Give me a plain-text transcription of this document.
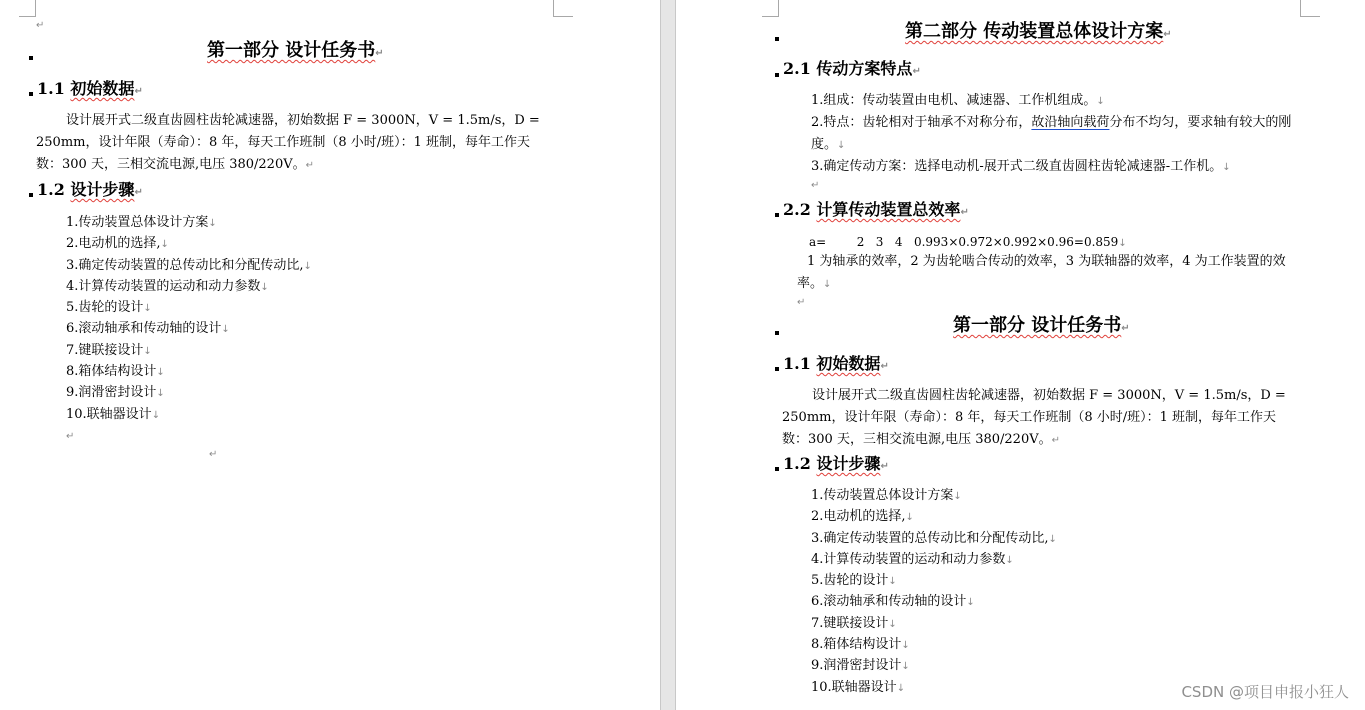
↵
第一部分 设计任务书↵
1.1 初始数据↵
设计展开式二级直齿圆柱齿轮减速器，初始数据 F = 3000N，V = 1.5m/s，D = 250mm，设计年限（寿命）：8 年，每天工作班制（8 小时/班）：1 班制，每年工作天数：300 天，三相交流电源,电压 380/220V。↵
1.2 设计步骤↵
1.传动装置总体设计方案↓
2.电动机的选择,↓
3.确定传动装置的总传动比和分配传动比,↓
4.计算传动装置的运动和动力参数↓
5.齿轮的设计↓
6.滚动轴承和传动轴的设计↓
7.键联接设计↓
8.箱体结构设计↓
9.润滑密封设计↓
10.联轴器设计↓
↵
↵
第二部分 传动装置总体设计方案↵
2.1 传动方案特点↵
1.组成：传动装置由电机、减速器、工作机组成。↓
2.特点：齿轮相对于轴承不对称分布，故沿轴向载荷分布不均匀，要求轴有较大的刚度。↓
3.确定传动方案：选择电动机-展开式二级直齿圆柱齿轮减速器-工作机。↓
↵
2.2 计算传动装置总效率↵
a=        2   3   4   0.993×0.972×0.992×0.96=0.859↓
1 为轴承的效率，2 为齿轮啮合传动的效率，3 为联轴器的效率，4 为工作装置的效率。↓
↵
第一部分 设计任务书↵
1.1 初始数据↵
设计展开式二级直齿圆柱齿轮减速器，初始数据 F = 3000N，V = 1.5m/s，D = 250mm，设计年限（寿命）：8 年，每天工作班制（8 小时/班）：1 班制，每年工作天数：300 天，三相交流电源,电压 380/220V。↵
1.2 设计步骤↵
1.传动装置总体设计方案↓
2.电动机的选择,↓
3.确定传动装置的总传动比和分配传动比,↓
4.计算传动装置的运动和动力参数↓
5.齿轮的设计↓
6.滚动轴承和传动轴的设计↓
7.键联接设计↓
8.箱体结构设计↓
9.润滑密封设计↓
10.联轴器设计↓	CSDN @项目申报小狂人
